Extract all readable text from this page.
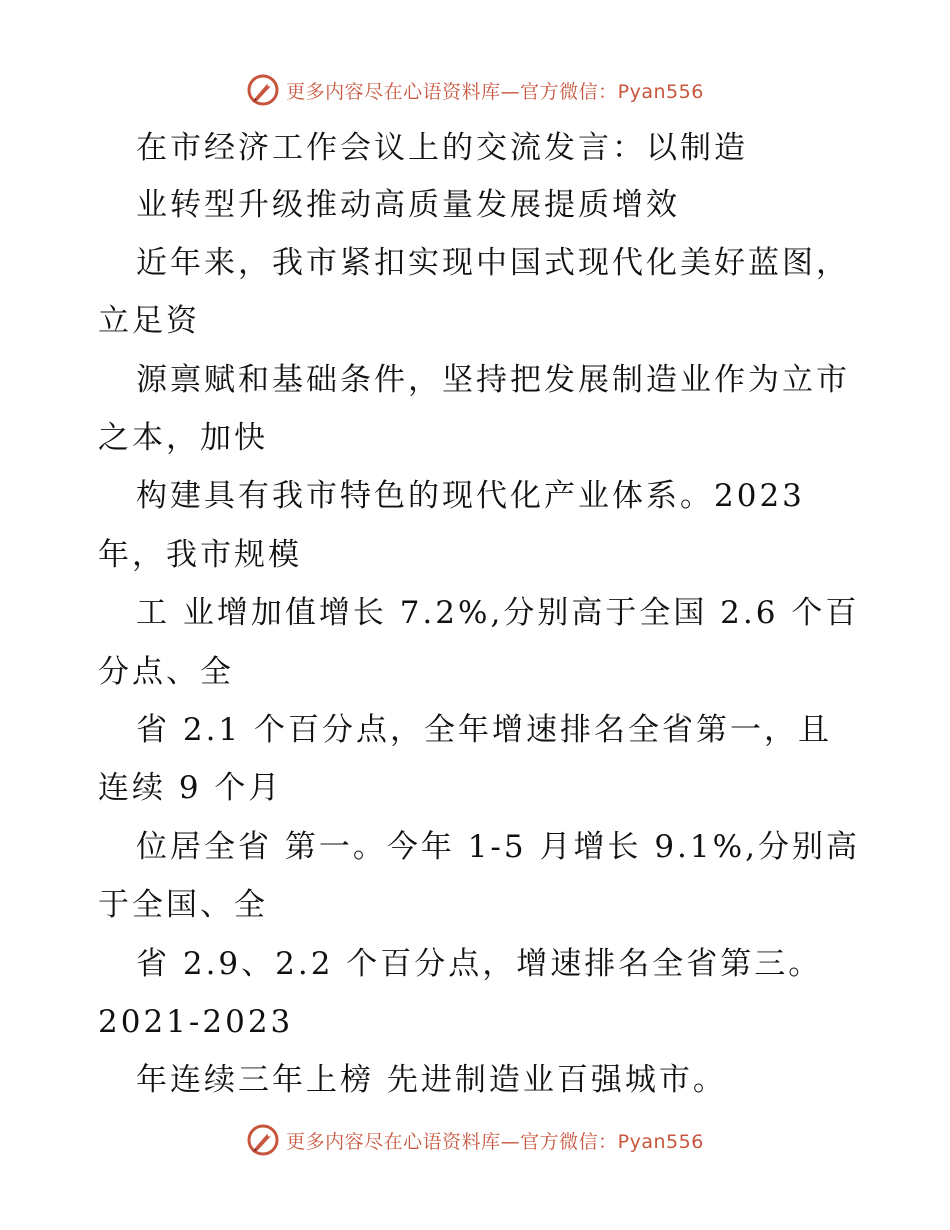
更多内容尽在心语资料库—官方微信：Pyan556
在市经济工作会议上的交流发言：以制造
业转型升级推动高质量发展提质增效
近年来，我市紧扣实现中国式现代化美好蓝图，
立足资
源禀赋和基础条件，坚持把发展制造业作为立市
之本，加快
构建具有我市特色的现代化产业体系。2023
年，我市规模
工 业增加值增长 7.2%,分别高于全国 2.6 个百
分点、全
省 2.1 个百分点，全年增速排名全省第一，且
连续 9 个月
位居全省 第一。今年 1-5 月增长 9.1%,分别高
于全国、全
省 2.9、2.2 个百分点，增速排名全省第三。
2021-2023
年连续三年上榜 先进制造业百强城市。
更多内容尽在心语资料库—官方微信：Pyan556
